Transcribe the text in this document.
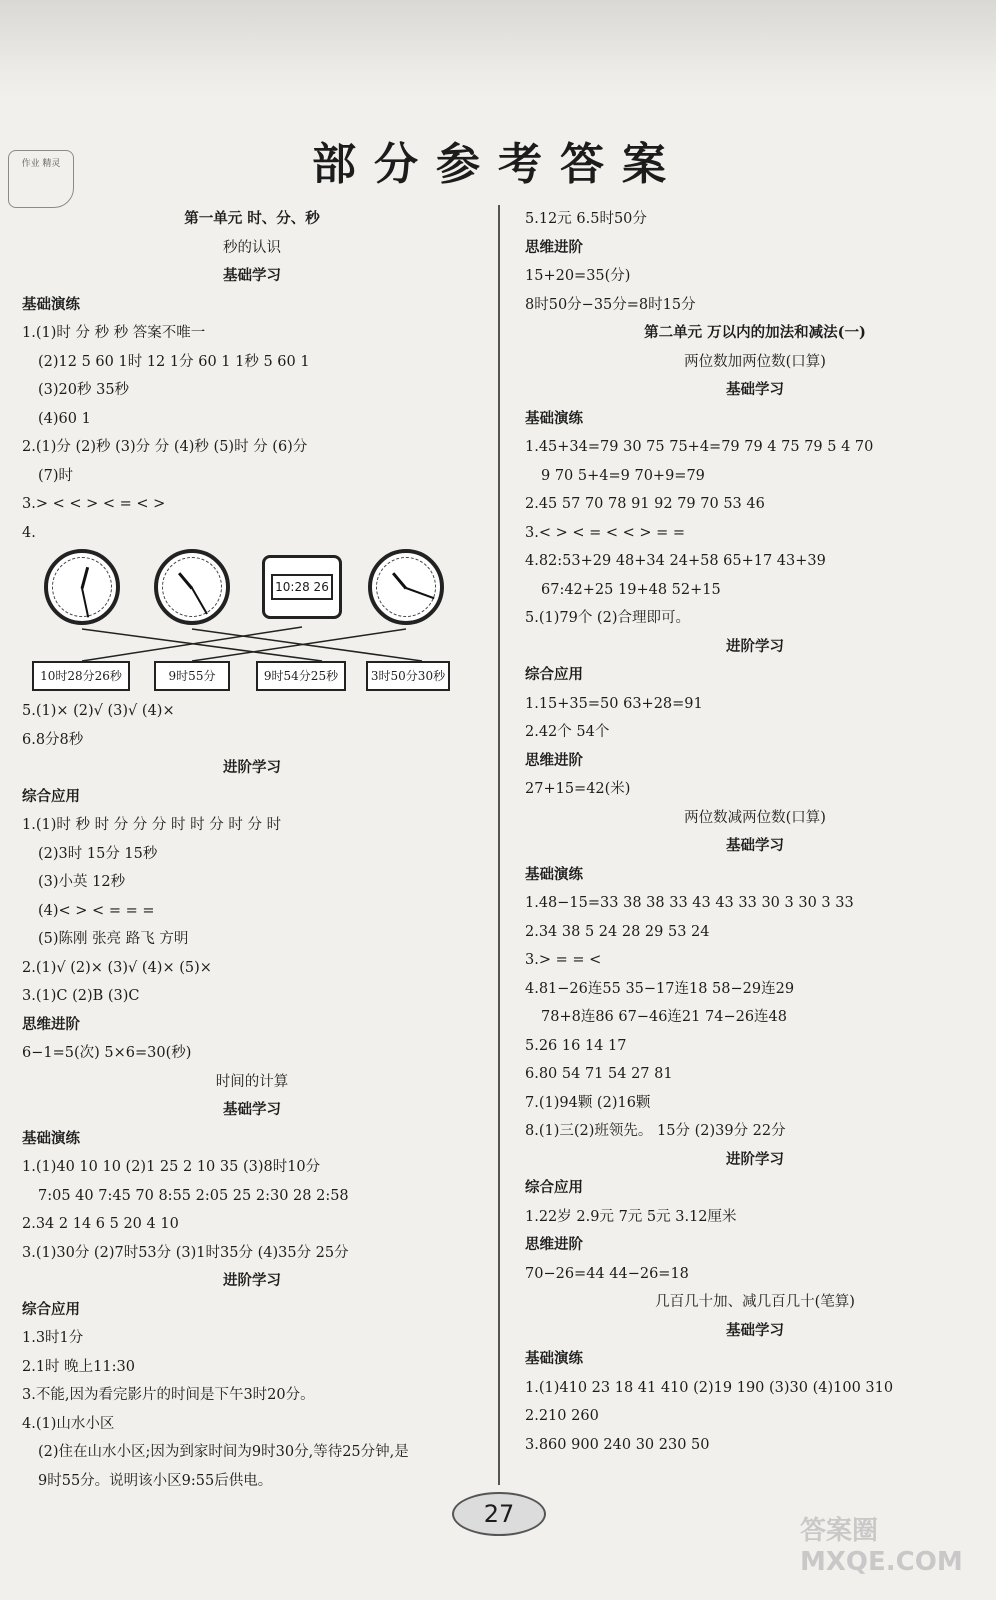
作业 精灵	部分参考答案
第一单元 时、分、秒
秒的认识
基础学习
基础演练
1.(1)时 分 秒 秒 答案不唯一
(2)12 5 60 1时 12 1分 60 1 1秒 5 60 1
(3)20秒 35秒
(4)60 1
2.(1)分 (2)秒 (3)分 分 (4)秒 (5)时 分 (6)分
(7)时
3.> < < > < = < >
4.
10:28 26
10时28分26秒	9时55分	9时54分25秒	3时50分30秒
5.(1)× (2)√ (3)√ (4)×
6.8分8秒
进阶学习
综合应用
1.(1)时 秒 时 分 分 分 时 时 分 时 分 时
(2)3时 15分 15秒
(3)小英 12秒
(4)< > < = = =
(5)陈刚 张亮 路飞 方明
2.(1)√ (2)× (3)√ (4)× (5)×
3.(1)C (2)B (3)C
思维进阶
6−1=5(次) 5×6=30(秒)
时间的计算
基础学习
基础演练
1.(1)40 10 10 (2)1 25 2 10 35 (3)8时10分
7:05 40 7:45 70 8:55 2:05 25 2:30 28 2:58
2.34 2 14 6 5 20 4 10
3.(1)30分 (2)7时53分 (3)1时35分 (4)35分 25分
进阶学习
综合应用
1.3时1分
2.1时 晚上11:30
3.不能,因为看完影片的时间是下午3时20分。
4.(1)山水小区
(2)住在山水小区;因为到家时间为9时30分,等待25分钟,是
9时55分。说明该小区9:55后供电。
5.12元 6.5时50分
思维进阶
15+20=35(分)
8时50分−35分=8时15分
第二单元 万以内的加法和减法(一)
两位数加两位数(口算)
基础学习
基础演练
1.45+34=79 30 75 75+4=79 79 4 75 79 5 4 70
9 70 5+4=9 70+9=79
2.45 57 70 78 91 92 79 70 53 46
3.< > < = < < > = =
4.82:53+29 48+34 24+58 65+17 43+39
67:42+25 19+48 52+15
5.(1)79个 (2)合理即可。
进阶学习
综合应用
1.15+35=50 63+28=91
2.42个 54个
思维进阶
27+15=42(米)
两位数减两位数(口算)
基础学习
基础演练
1.48−15=33 38 38 33 43 43 33 30 3 30 3 33
2.34 38 5 24 28 29 53 24
3.> = = <
4.81−26连55 35−17连18 58−29连29
78+8连86 67−46连21 74−26连48
5.26 16 14 17
6.80 54 71 54 27 81
7.(1)94颗 (2)16颗
8.(1)三(2)班领先。 15分 (2)39分 22分
进阶学习
综合应用
1.22岁 2.9元 7元 5元 3.12厘米
思维进阶
70−26=44 44−26=18
几百几十加、减几百几十(笔算)
基础学习
基础演练
1.(1)410 23 18 41 410 (2)19 190 (3)30 (4)100 310
2.210 260
3.860 900 240 30 230 50
27
答案圈 MXQE.COM
